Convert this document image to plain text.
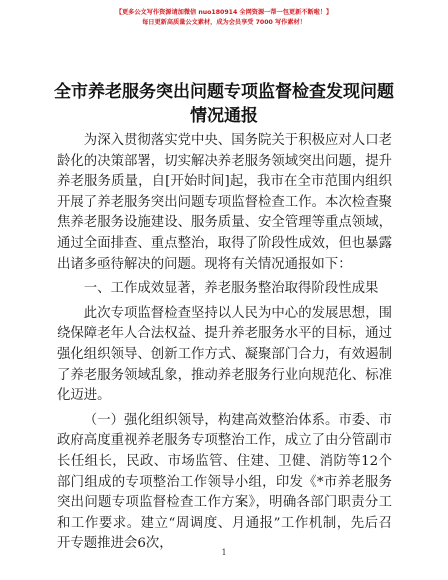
【更多公文写作资源请加微信 nuo180914 全网资源一帮一包更新不断啦！】
每日更新高质量公文素材，成为会员享受 7000 写作素材！
全市养老服务突出问题专项监督检查发现问题
情况通报

为深入贯彻落实党中央、国务院关于积极应对人口老龄化的决策部署，切实解决养老服务领域突出问题，提升养老服务质量，自[开始时间]起，我市在全市范围内组织开展了养老服务突出问题专项监督检查工作。本次检查聚焦养老服务设施建设、服务质量、安全管理等重点领域，通过全面排查、重点整治，取得了阶段性成效，但也暴露出诸多亟待解决的问题。现将有关情况通报如下：

一、工作成效显著，养老服务整治取得阶段性成果

此次专项监督检查坚持以人民为中心的发展思想，围绕保障老年人合法权益、提升养老服务水平的目标，通过强化组织领导、创新工作方式、凝聚部门合力，有效遏制了养老服务领域乱象，推动养老服务行业向规范化、标准化迈进。

（一）强化组织领导，构建高效整治体系。市委、市政府高度重视养老服务专项整治工作，成立了由分管副市长任组长，民政、市场监管、住建、卫健、消防等12个部门组成的专项整治工作领导小组，印发《*市养老服务突出问题专项监督检查工作方案》，明确各部门职责分工和工作要求。建立“周调度、月通报”工作机制，先后召开专题推进会6次，

1
